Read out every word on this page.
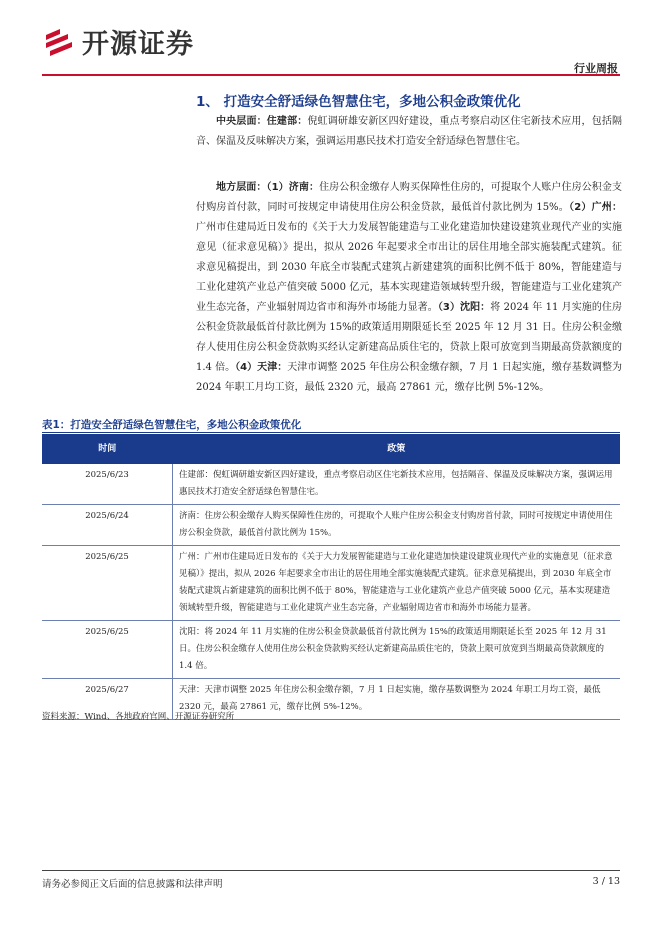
开源证券
行业周报
1、 打造安全舒适绿色智慧住宅，多地公积金政策优化
中央层面：住建部：倪虹调研雄安新区四好建设，重点考察启动区住宅新技术应用，包括隔音、保温及反味解决方案，强调运用惠民技术打造安全舒适绿色智慧住宅。
地方层面：（1）济南：住房公积金缴存人购买保障性住房的，可提取个人账户住房公积金支付购房首付款，同时可按规定申请使用住房公积金贷款，最低首付款比例为 15%。（2）广州：广州市住建局近日发布的《关于大力发展智能建造与工业化建造加快建设建筑业现代产业的实施意见（征求意见稿）》提出，拟从 2026 年起要求全市出让的居住用地全部实施装配式建筑。征求意见稿提出，到 2030 年底全市装配式建筑占新建建筑的面积比例不低于 80%，智能建造与工业化建筑产业总产值突破 5000 亿元，基本实现建造领域转型升级，智能建造与工业化建筑产业生态完备，产业辐射周边省市和海外市场能力显著。（3）沈阳：将 2024 年 11 月实施的住房公积金贷款最低首付款比例为 15%的政策适用期限延长至 2025 年 12 月 31 日。住房公积金缴存人使用住房公积金贷款购买经认定新建高品质住宅的，贷款上限可放宽到当期最高贷款额度的 1.4 倍。（4）天津：天津市调整 2025 年住房公积金缴存额，7 月 1 日起实施，缴存基数调整为 2024 年职工月均工资，最低 2320 元，最高 27861 元，缴存比例 5%-12%。
表1：打造安全舒适绿色智慧住宅，多地公积金政策优化
时间	政策
2025/6/23	住建部：倪虹调研雄安新区四好建设，重点考察启动区住宅新技术应用，包括隔音、保温及反味解决方案，强调运用惠民技术打造安全舒适绿色智慧住宅。
2025/6/24	济南：住房公积金缴存人购买保障性住房的，可提取个人账户住房公积金支付购房首付款，同时可按规定申请使用住房公积金贷款，最低首付款比例为 15%。
2025/6/25	广州：广州市住建局近日发布的《关于大力发展智能建造与工业化建造加快建设建筑业现代产业的实施意见（征求意见稿）》提出，拟从 2026 年起要求全市出让的居住用地全部实施装配式建筑。征求意见稿提出，到 2030 年底全市装配式建筑占新建建筑的面积比例不低于 80%，智能建造与工业化建筑产业总产值突破 5000 亿元，基本实现建造领域转型升级，智能建造与工业化建筑产业生态完备，产业辐射周边省市和海外市场能力显著。
2025/6/25	沈阳：将 2024 年 11 月实施的住房公积金贷款最低首付款比例为 15%的政策适用期限延长至 2025 年 12 月 31 日。住房公积金缴存人使用住房公积金贷款购买经认定新建高品质住宅的，贷款上限可放宽到当期最高贷款额度的 1.4 倍。
2025/6/27	天津：天津市调整 2025 年住房公积金缴存额，7 月 1 日起实施，缴存基数调整为 2024 年职工月均工资，最低 2320 元，最高 27861 元，缴存比例 5%-12%。
资料来源：Wind、各地政府官网、开源证券研究所
请务必参阅正文后面的信息披露和法律声明	3 / 13
